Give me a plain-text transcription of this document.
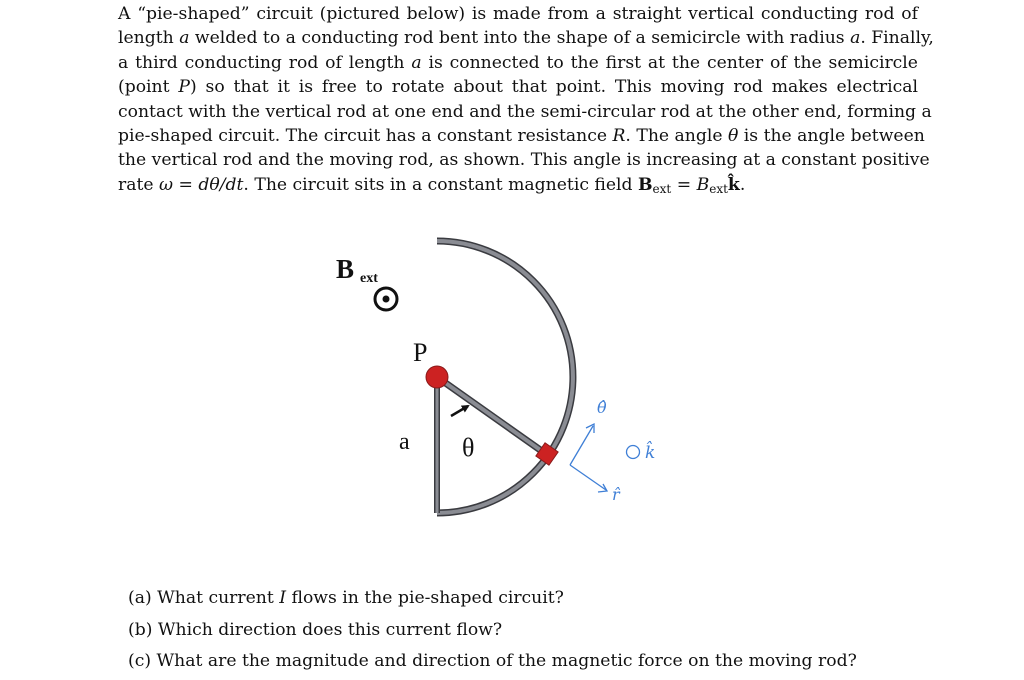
A “pie-shaped” circuit (pictured below) is made from a straight vertical conducting rod of
length a welded to a conducting rod bent into the shape of a semicircle with radius a. Finally,
a third conducting rod of length a is connected to the first at the center of the semicircle
(point P) so that it is free to rotate about that point. This moving rod makes electrical
contact with the vertical rod at one end and the semi-circular rod at the other end, forming a
pie-shaped circuit. The circuit has a constant resistance R. The angle θ is the angle between
the vertical rod and the moving rod, as shown. This angle is increasing at a constant positive
rate ω = dθ/dt. The circuit sits in a constant magnetic field $B_{ext}$ = $B_{ext}k̂$.
B ext
P
a θ
θ̂
r̂
k̂
(a) What current I flows in the pie-shaped circuit?
(b) Which direction does this current flow?
(c) What are the magnitude and direction of the magnetic force on the moving rod?
